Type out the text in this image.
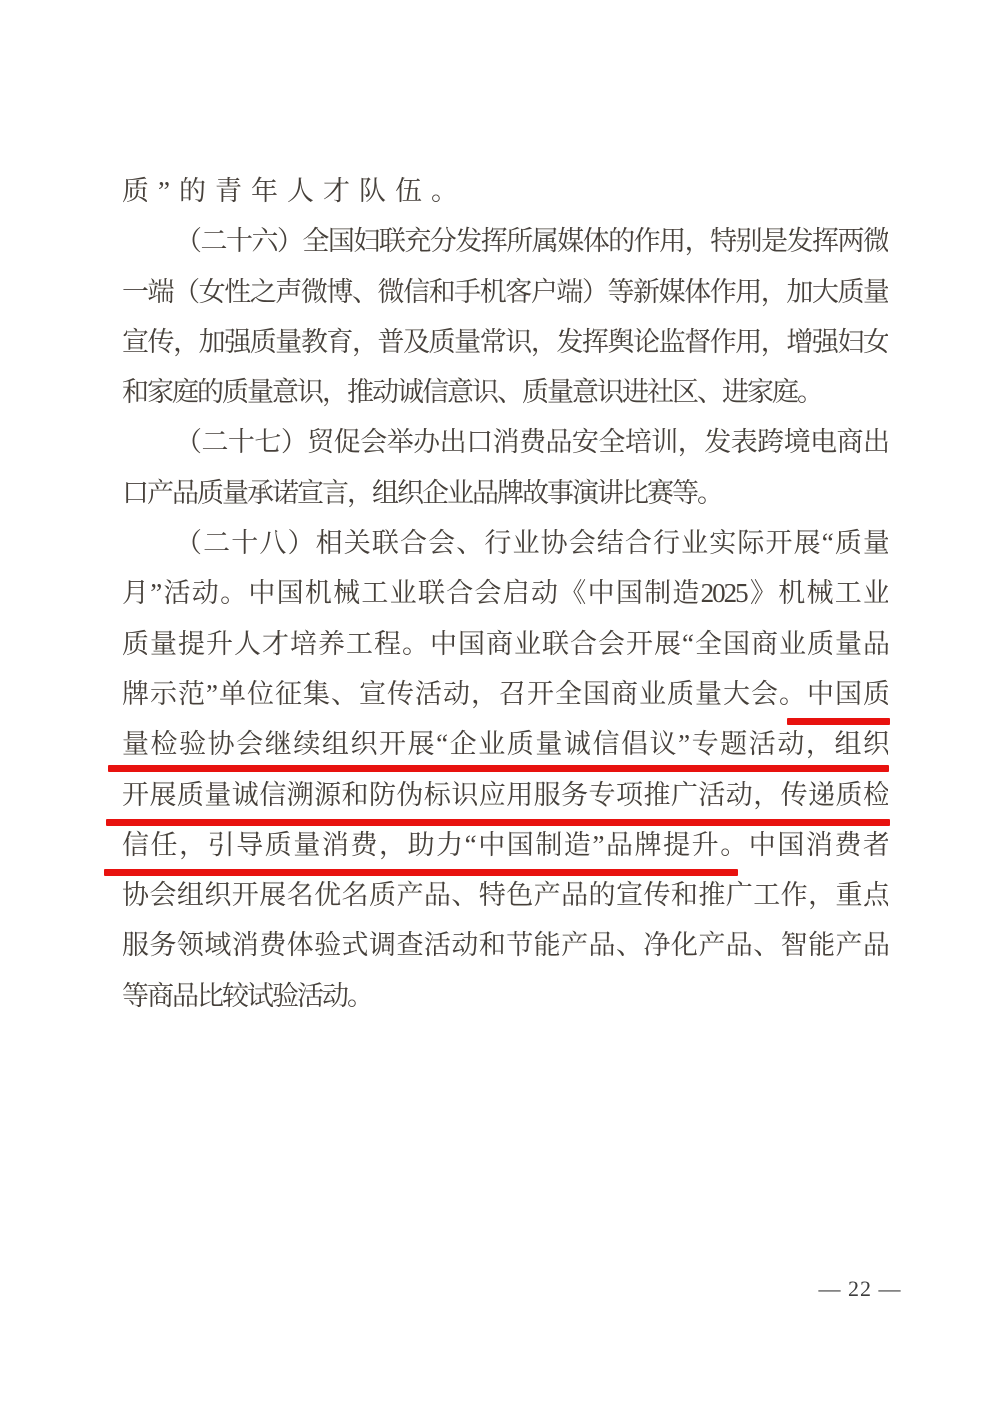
质”的青年人才队伍。
（二十六）全国妇联充分发挥所属媒体的作用，特别是发挥两微
一端（女性之声微博、微信和手机客户端）等新媒体作用，加大质量
宣传，加强质量教育，普及质量常识，发挥舆论监督作用，增强妇女
和家庭的质量意识，推动诚信意识、质量意识进社区、进家庭。
（二十七）贸促会举办出口消费品安全培训，发表跨境电商出
口产品质量承诺宣言，组织企业品牌故事演讲比赛等。
（二十八）相关联合会、行业协会结合行业实际开展“质量
月”活动。中国机械工业联合会启动《中国制造2025》机械工业
质量提升人才培养工程。中国商业联合会开展“全国商业质量品
牌示范”单位征集、宣传活动，召开全国商业质量大会。中国质
量检验协会继续组织开展“企业质量诚信倡议”专题活动，组织
开展质量诚信溯源和防伪标识应用服务专项推广活动，传递质检
信任，引导质量消费，助力“中国制造”品牌提升。中国消费者
协会组织开展名优名质产品、特色产品的宣传和推广工作，重点
服务领域消费体验式调查活动和节能产品、净化产品、智能产品
等商品比较试验活动。
— 22 —
